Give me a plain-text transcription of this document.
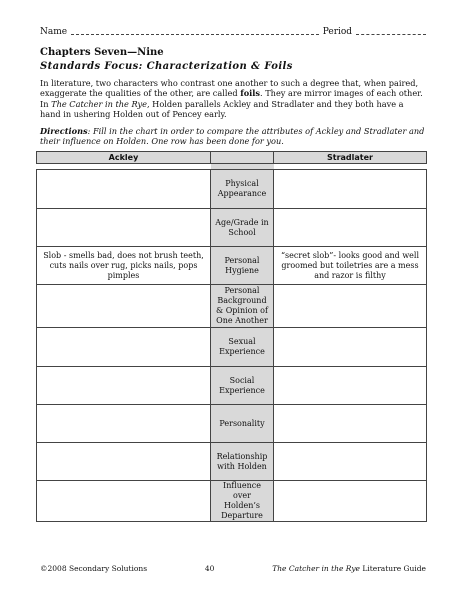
Name	Period
Chapters Seven—Nine
Standards Focus: Characterization & Foils
In literature, two characters who contrast one another to such a degree that, when paired, exaggerate the qualities of the other, are called foils. They are mirror images of each other. In The Catcher in the Rye, Holden parallels Ackley and Stradlater and they both have a hand in ushering Holden out of Pencey early.
Directions: Fill in the chart in order to compare the attributes of Ackley and Stradlater and their influence on Holden. One row has been done for you.
Ackley		Stradlater

	Physical Appearance	
	Age/Grade in School	
Slob - smells bad, does not brush teeth, cuts nails over rug, picks nails, pops pimples	Personal Hygiene	“secret slob”- looks good and well groomed but toiletries are a mess and razor is filthy
	Personal Background & Opinion of One Another	
	Sexual Experience	
	Social Experience	
	Personality	
	Relationship with Holden	
	Influence over Holden’s Departure	
©2008 Secondary Solutions	40	The Catcher in the Rye Literature Guide
